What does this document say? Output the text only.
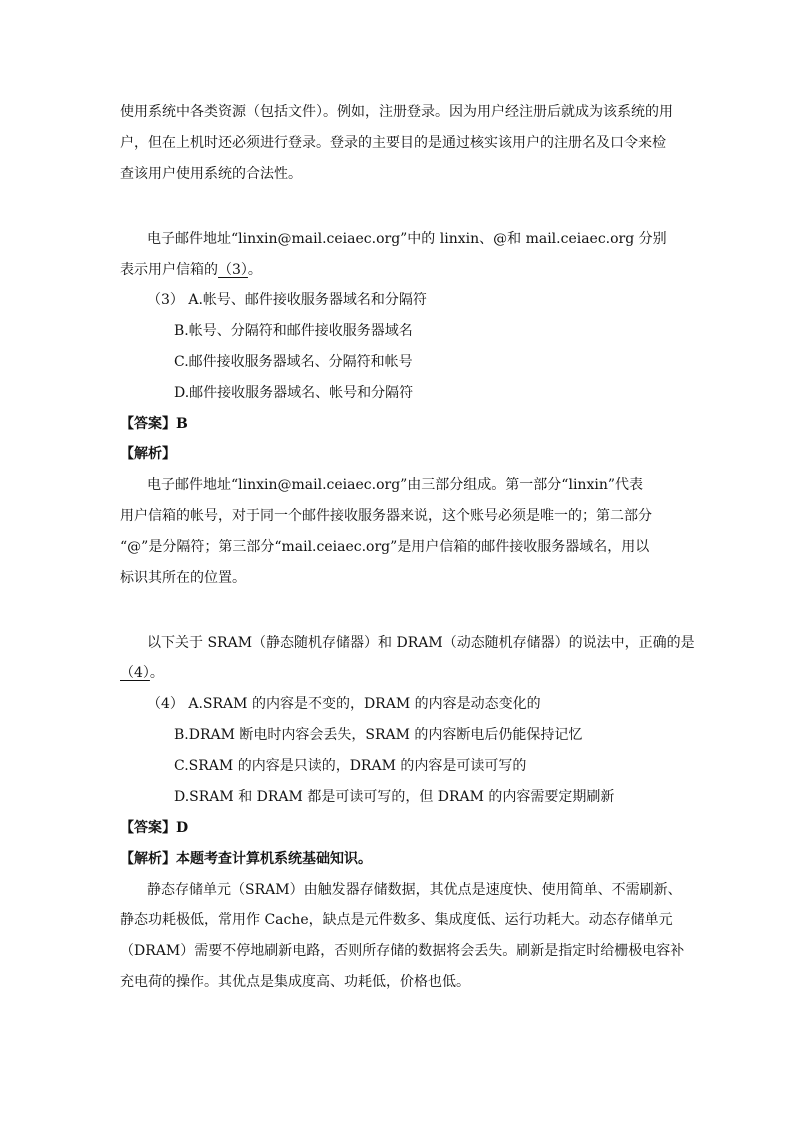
使用系统中各类资源（包括文件）。例如，注册登录。因为用户经注册后就成为该系统的用
户，但在上机时还必须进行登录。登录的主要目的是通过核实该用户的注册名及口令来检
查该用户使用系统的合法性。
电子邮件地址“linxin@mail.ceiaec.org”中的 linxin、@和 mail.ceiaec.org 分别
表示用户信箱的（3）。
（3） A.帐号、邮件接收服务器域名和分隔符
B.帐号、分隔符和邮件接收服务器域名
C.邮件接收服务器域名、分隔符和帐号
D.邮件接收服务器域名、帐号和分隔符
【答案】B
【解析】
电子邮件地址“linxin@mail.ceiaec.org”由三部分组成。第一部分“linxin”代表
用户信箱的帐号，对于同一个邮件接收服务器来说，这个账号必须是唯一的；第二部分
“@”是分隔符；第三部分“mail.ceiaec.org”是用户信箱的邮件接收服务器域名，用以
标识其所在的位置。
以下关于 SRAM（静态随机存储器）和 DRAM（动态随机存储器）的说法中，正确的是
（4）。
（4） A.SRAM 的内容是不变的，DRAM 的内容是动态变化的
B.DRAM 断电时内容会丢失，SRAM 的内容断电后仍能保持记忆
C.SRAM 的内容是只读的，DRAM 的内容是可读可写的
D.SRAM 和 DRAM 都是可读可写的，但 DRAM 的内容需要定期刷新
【答案】D
【解析】本题考查计算机系统基础知识。
静态存储单元（SRAM）由触发器存储数据，其优点是速度快、使用简单、不需刷新、
静态功耗极低，常用作 Cache，缺点是元件数多、集成度低、运行功耗大。动态存储单元
（DRAM）需要不停地刷新电路，否则所存储的数据将会丢失。刷新是指定时给栅极电容补
充电荷的操作。其优点是集成度高、功耗低，价格也低。
